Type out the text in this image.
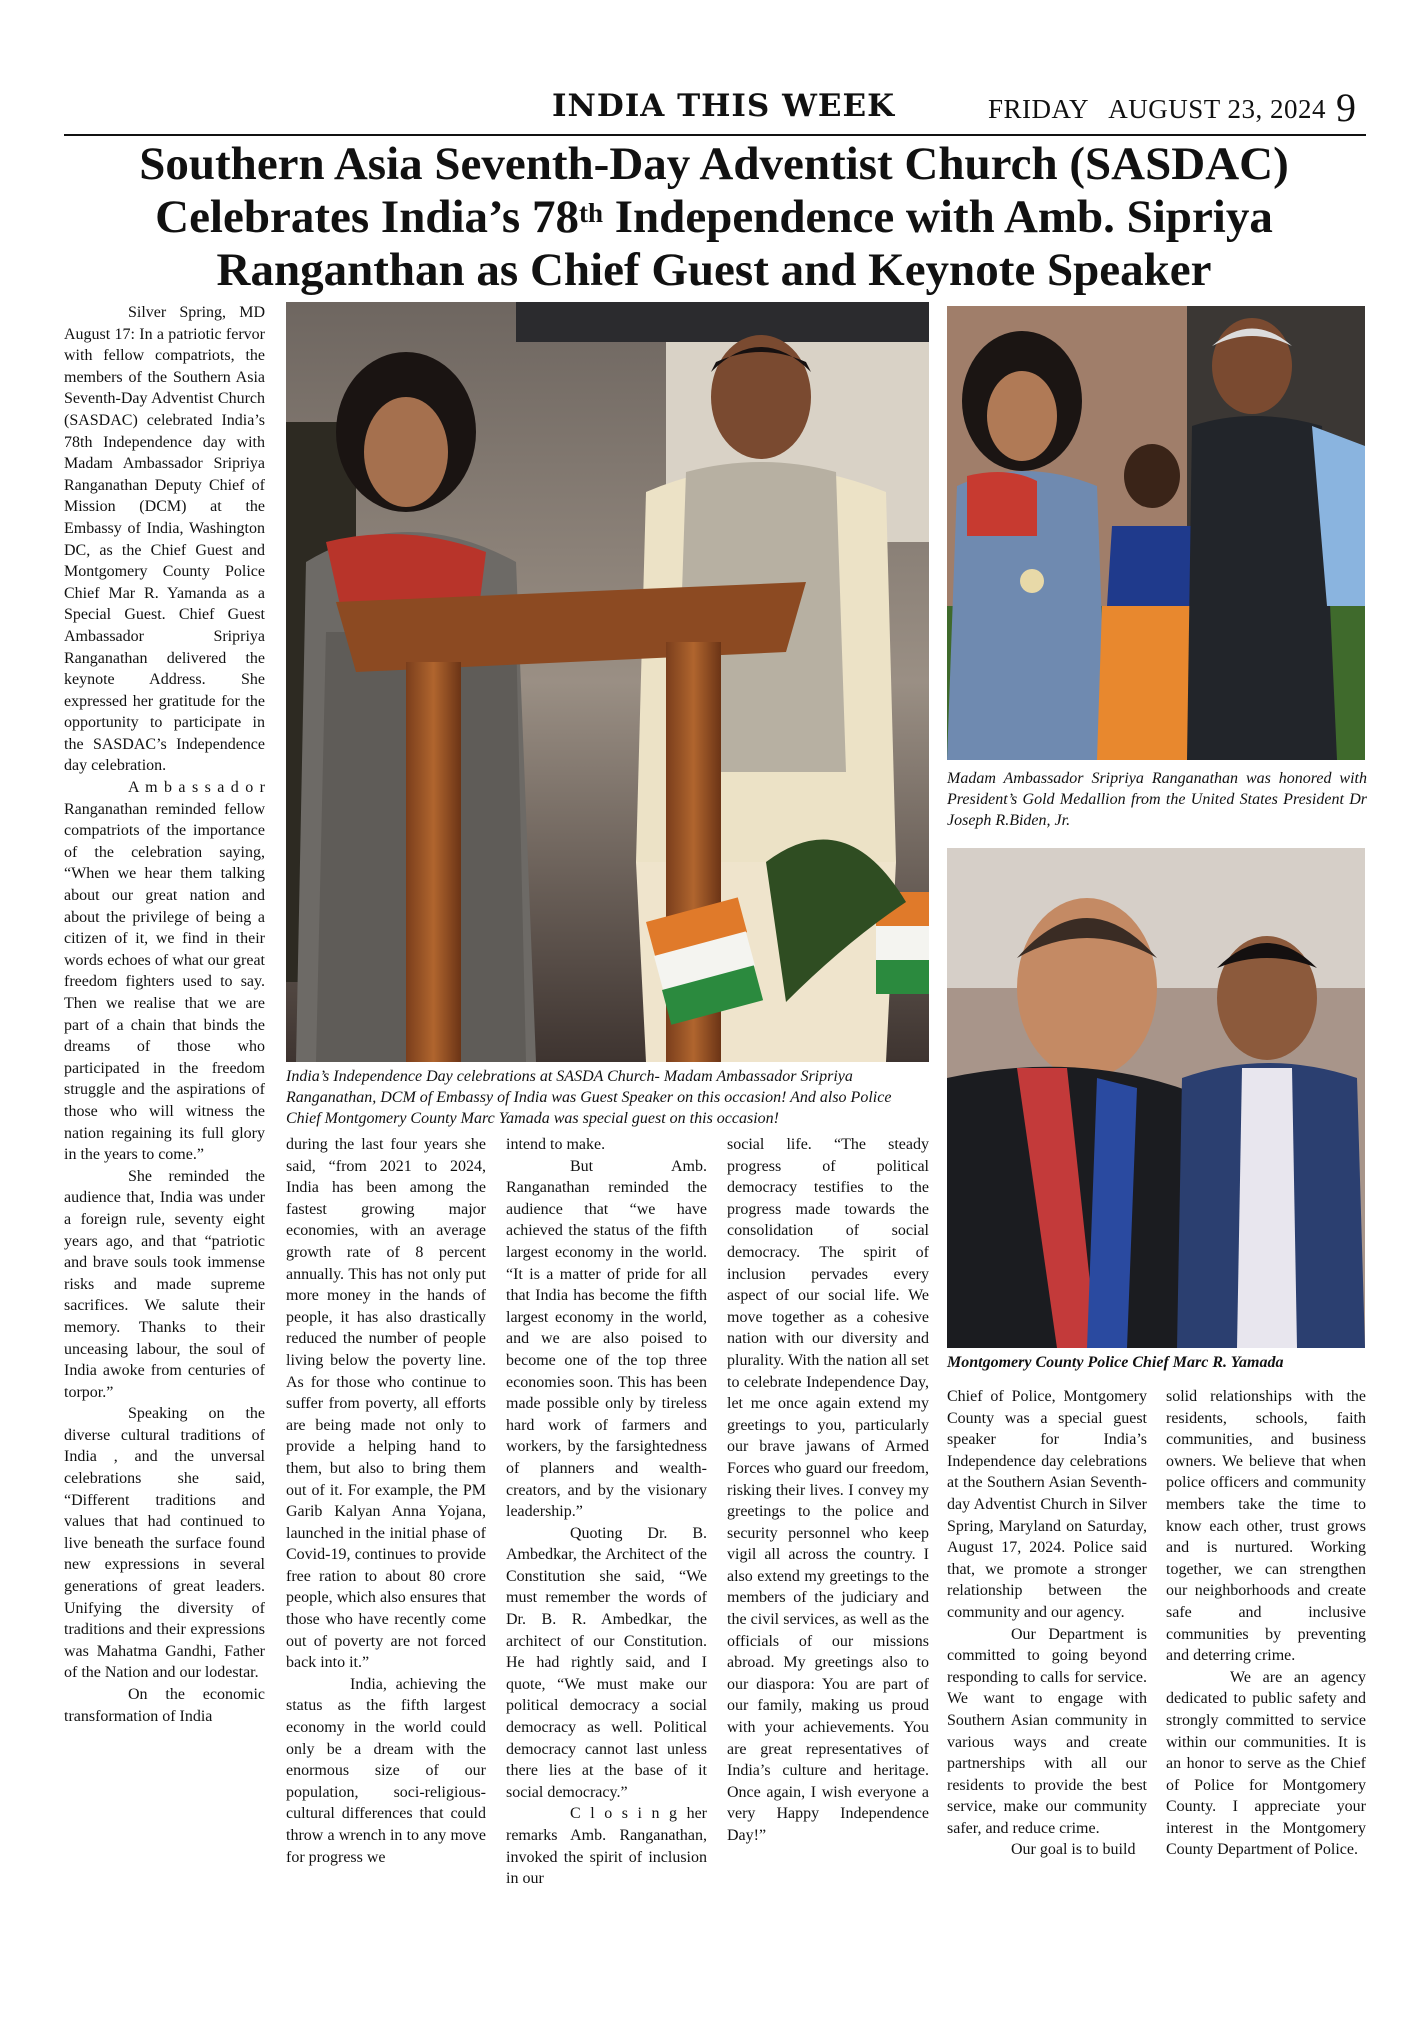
INDIA THIS WEEK	FRIDAY   AUGUST 23, 2024 9
Southern Asia Seventh-Day Adventist Church (SASDAC)
Celebrates India’s 78th Independence with Amb. Sipriya
Ranganthan as Chief Guest and Keynote Speaker
India’s Independence Day celebrations at SASDA Church- Madam Ambassador Sripriya Ranganathan, DCM of Embassy of India was Guest Speaker on this occasion! And also Police Chief Montgomery County Marc Yamada was special guest on this occasion!
Madam Ambassador Sripriya Ranganathan was honored with President’s Gold Medallion from the United States President Dr Joseph R.Biden, Jr.
Montgomery County Police Chief Marc R. Yamada

Silver Spring, MD August 17: In a patriotic fervor with fellow compatriots, the members of the Southern Asia Seventh-Day Adventist Church (SASDAC) celebrated India’s 78th Independence day with Madam Ambassador Sripriya Ranganathan Deputy Chief of Mission (DCM) at the Embassy of India, Washington DC, as the Chief Guest and Montgomery County Police Chief Mar R. Yamanda as a Special Guest. Chief Guest Ambassador Sripriya Ranganathan delivered the keynote Address. She expressed her gratitude for the opportunity to participate in the SASDAC’s Independence day celebration.

A m b a s s a d o r Ranganathan reminded fellow compatriots of the importance of the celebration saying, “When we hear them talking about our great nation and about the privilege of being a citizen of it, we find in their words echoes of what our great freedom fighters used to say. Then we realise that we are part of a chain that binds the dreams of those who participated in the freedom struggle and the aspirations of those who will witness the nation regaining its full glory in the years to come.”

She reminded the audience that, India was under a foreign rule, seventy eight years ago, and that “patriotic and brave souls took immense risks and made supreme sacrifices. We salute their memory. Thanks to their unceasing labour, the soul of India awoke from centuries of torpor.”

Speaking on the diverse cultural traditions of India , and the unversal celebrations she said, “Different traditions and values that had continued to live beneath the surface found new expressions in several generations of great leaders. Unifying the diversity of traditions and their expressions was Mahatma Gandhi, Father of the Nation and our lodestar.

On the economic transformation of India

during the last four years she said, “from 2021 to 2024, India has been among the fastest growing major economies, with an average growth rate of 8 percent annually. This has not only put more money in the hands of people, it has also drastically reduced the number of people living below the poverty line. As for those who continue to suffer from poverty, all efforts are being made not only to provide a helping hand to them, but also to bring them out of it. For example, the PM Garib Kalyan Anna Yojana, launched in the initial phase of Covid-19, continues to provide free ration to about 80 crore people, which also ensures that those who have recently come out of poverty are not forced back into it.”

India, achieving the status as the fifth largest economy in the world could only be a dream with the enormous size of our population, soci-religious-cultural differences that could throw a wrench in to any move for progress we

intend to make.

But Amb. Ranganathan reminded the audience that “we have achieved the status of the fifth largest economy in the world. “It is a matter of pride for all that India has become the fifth largest economy in the world, and we are also poised to become one of the top three economies soon. This has been made possible only by tireless hard work of farmers and workers, by the farsightedness of planners and wealth-creators, and by the visionary leadership.”

Quoting Dr. B. Ambedkar, the Architect of the Constitution she said, “We must remember the words of Dr. B. R. Ambedkar, the architect of our Constitution. He had rightly said, and I quote, “We must make our political democracy a social democracy as well. Political democracy cannot last unless there lies at the base of it social democracy.”

C l o s i n g her remarks Amb. Ranganathan, invoked the spirit of inclusion in our

social life. “The steady progress of political democracy testifies to the progress made towards the consolidation of social democracy. The spirit of inclusion pervades every aspect of our social life. We move together as a cohesive nation with our diversity and plurality. With the nation all set to celebrate Independence Day, let me once again extend my greetings to you, particularly our brave jawans of Armed Forces who guard our freedom, risking their lives. I convey my greetings to the police and security personnel who keep vigil all across the country. I also extend my greetings to the members of the judiciary and the civil services, as well as the officials of our missions abroad. My greetings also to our diaspora: You are part of our family, making us proud with your achievements. You are great representatives of India’s culture and heritage. Once again, I wish everyone a very Happy Independence Day!”

Chief of Police, Montgomery County was a special guest speaker for India’s Independence day celebrations at the Southern Asian Seventh-day Adventist Church in Silver Spring, Maryland on Saturday, August 17, 2024. Police said that, we promote a stronger relationship between the community and our agency.

Our Department is committed to going beyond responding to calls for service. We want to engage with Southern Asian community in various ways and create partnerships with all our residents to provide the best service, make our community safer, and reduce crime.

Our goal is to build

solid relationships with the residents, schools, faith communities, and business owners. We believe that when police officers and community members take the time to know each other, trust grows and is nurtured. Working together, we can strengthen our neighborhoods and create safe and inclusive communities by preventing and deterring crime.

We are an agency dedicated to public safety and strongly committed to service within our communities. It is an honor to serve as the Chief of Police for Montgomery County. I appreciate your interest in the Montgomery County Department of Police.
